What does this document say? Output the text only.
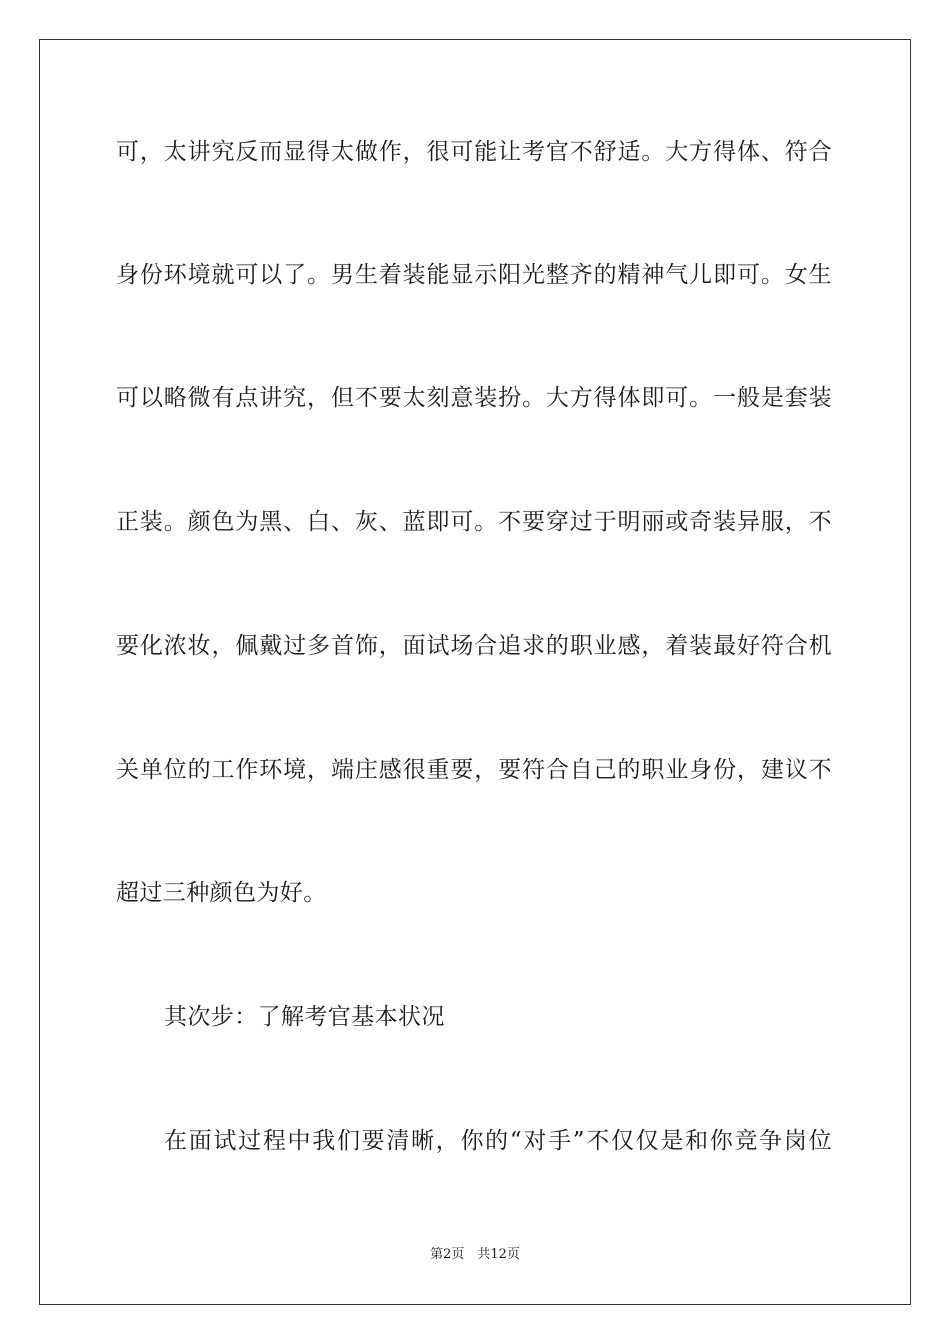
可，太讲究反而显得太做作，很可能让考官不舒适。大方得体、符合
身份环境就可以了。男生着装能显示阳光整齐的精神气儿即可。女生
可以略微有点讲究，但不要太刻意装扮。大方得体即可。一般是套装
正装。颜色为黑、白、灰、蓝即可。不要穿过于明丽或奇装异服，不
要化浓妆，佩戴过多首饰，面试场合追求的职业感，着装最好符合机
关单位的工作环境，端庄感很重要，要符合自己的职业身份，建议不
超过三种颜色为好。
其次步：了解考官基本状况
在面试过程中我们要清晰，你的“对手”不仅仅是和你竞争岗位
第2页　共12页
